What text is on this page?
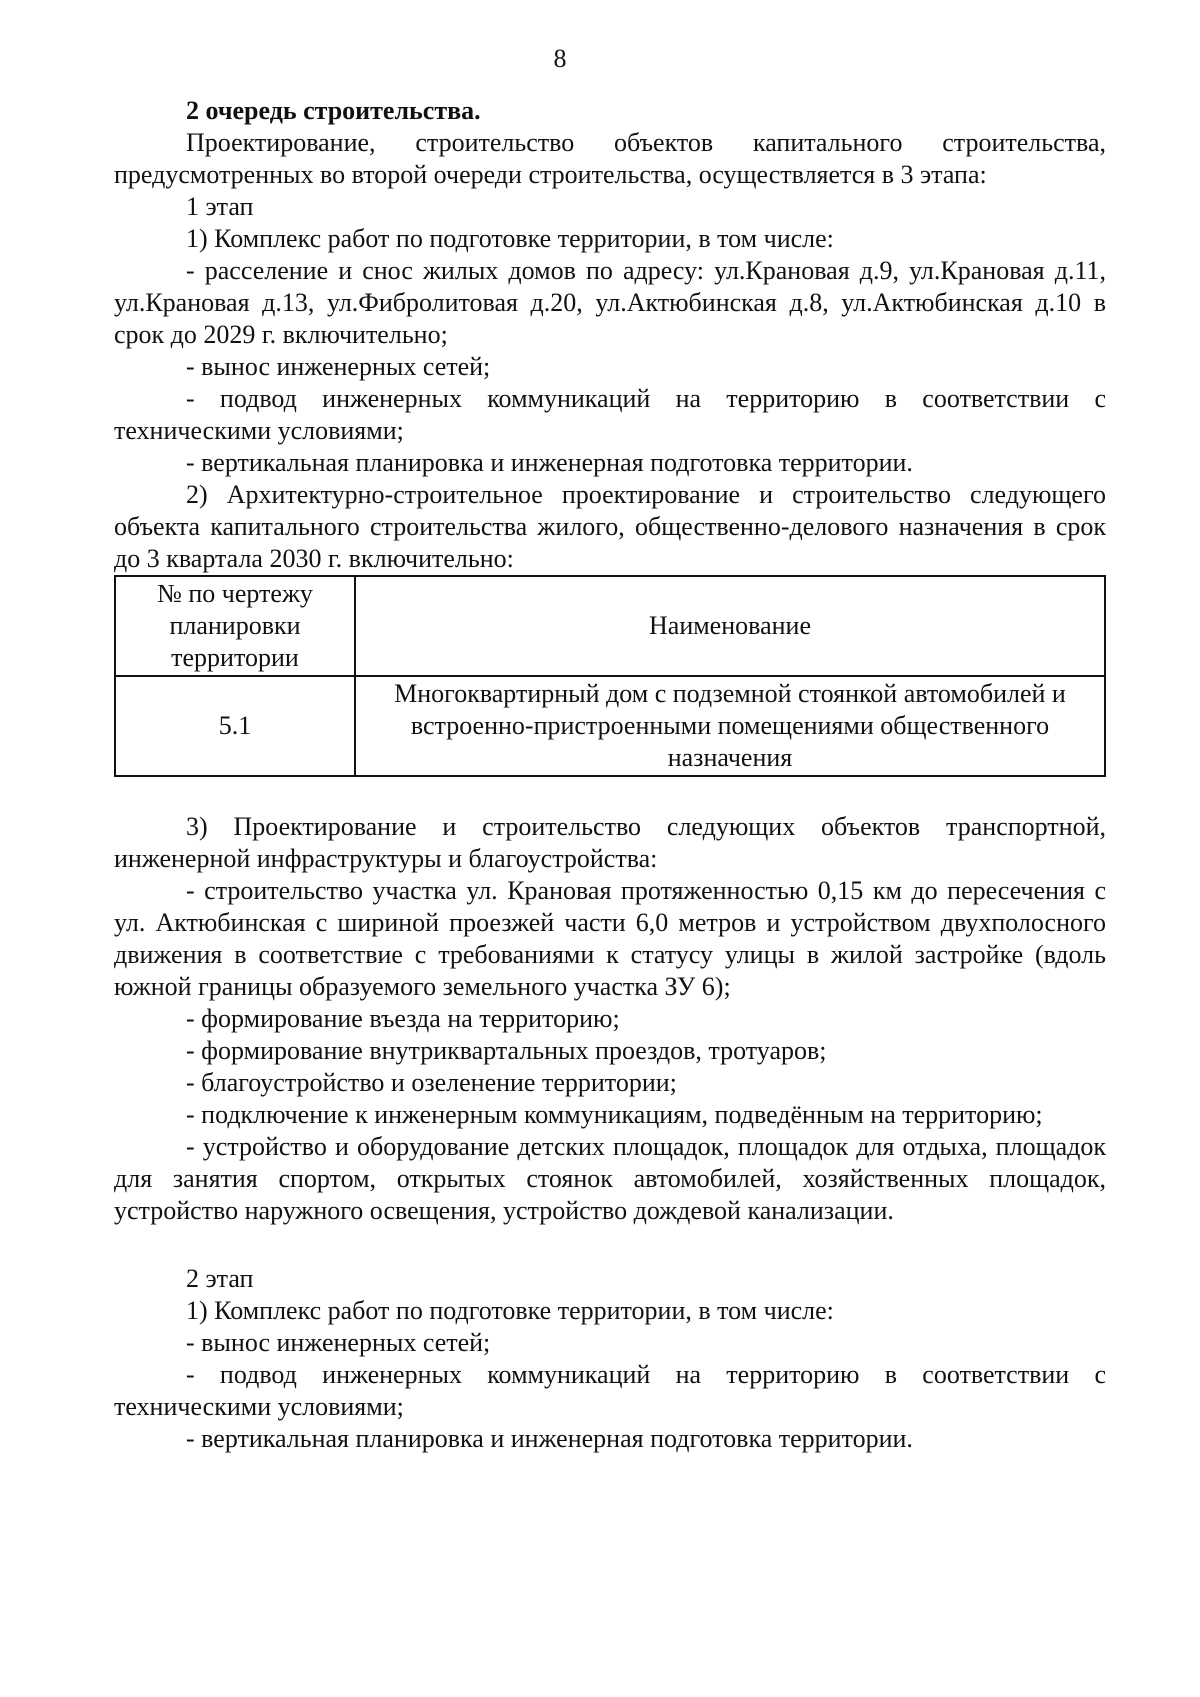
8

2 очередь строительства.

Проектирование, строительство объектов капитального строительства, предусмотренных во второй очереди строительства, осуществляется в 3 этапа:

1 этап

1) Комплекс работ по подготовке территории, в том числе:

- расселение и снос жилых домов по адресу: ул.Крановая д.9, ул.Крановая д.11, ул.Крановая д.13, ул.Фибролитовая д.20, ул.Актюбинская д.8, ул.Актюбинская д.10 в срок до 2029 г. включительно;

- вынос инженерных сетей;

- подвод инженерных коммуникаций на территорию в соответствии с техническими условиями;

- вертикальная планировка и инженерная подготовка территории.

2) Архитектурно-строительное проектирование и строительство следующего объекта капитального строительства жилого, общественно-делового назначения в срок до 3 квартала 2030 г. включительно:

№ по чертежу планировки территории	Наименование
5.1	Многоквартирный дом с подземной стоянкой автомобилей и встроенно-пристроенными помещениями общественного назначения

3) Проектирование и строительство следующих объектов транспортной, инженерной инфраструктуры и благоустройства:

- строительство участка ул. Крановая протяженностью 0,15 км до пересечения с ул. Актюбинская с шириной проезжей части 6,0 метров и устройством двухполосного движения в соответствие с требованиями к статусу улицы в жилой застройке (вдоль южной границы образуемого земельного участка ЗУ 6);

- формирование въезда на территорию;

- формирование внутриквартальных проездов, тротуаров;

- благоустройство и озеленение территории;

- подключение к инженерным коммуникациям, подведённым на территорию;

- устройство и оборудование детских площадок, площадок для отдыха, площадок для занятия спортом, открытых стоянок автомобилей, хозяйственных площадок, устройство наружного освещения, устройство дождевой канализации.

2 этап

1) Комплекс работ по подготовке территории, в том числе:

- вынос инженерных сетей;

- подвод инженерных коммуникаций на территорию в соответствии с техническими условиями;

- вертикальная планировка и инженерная подготовка территории.
